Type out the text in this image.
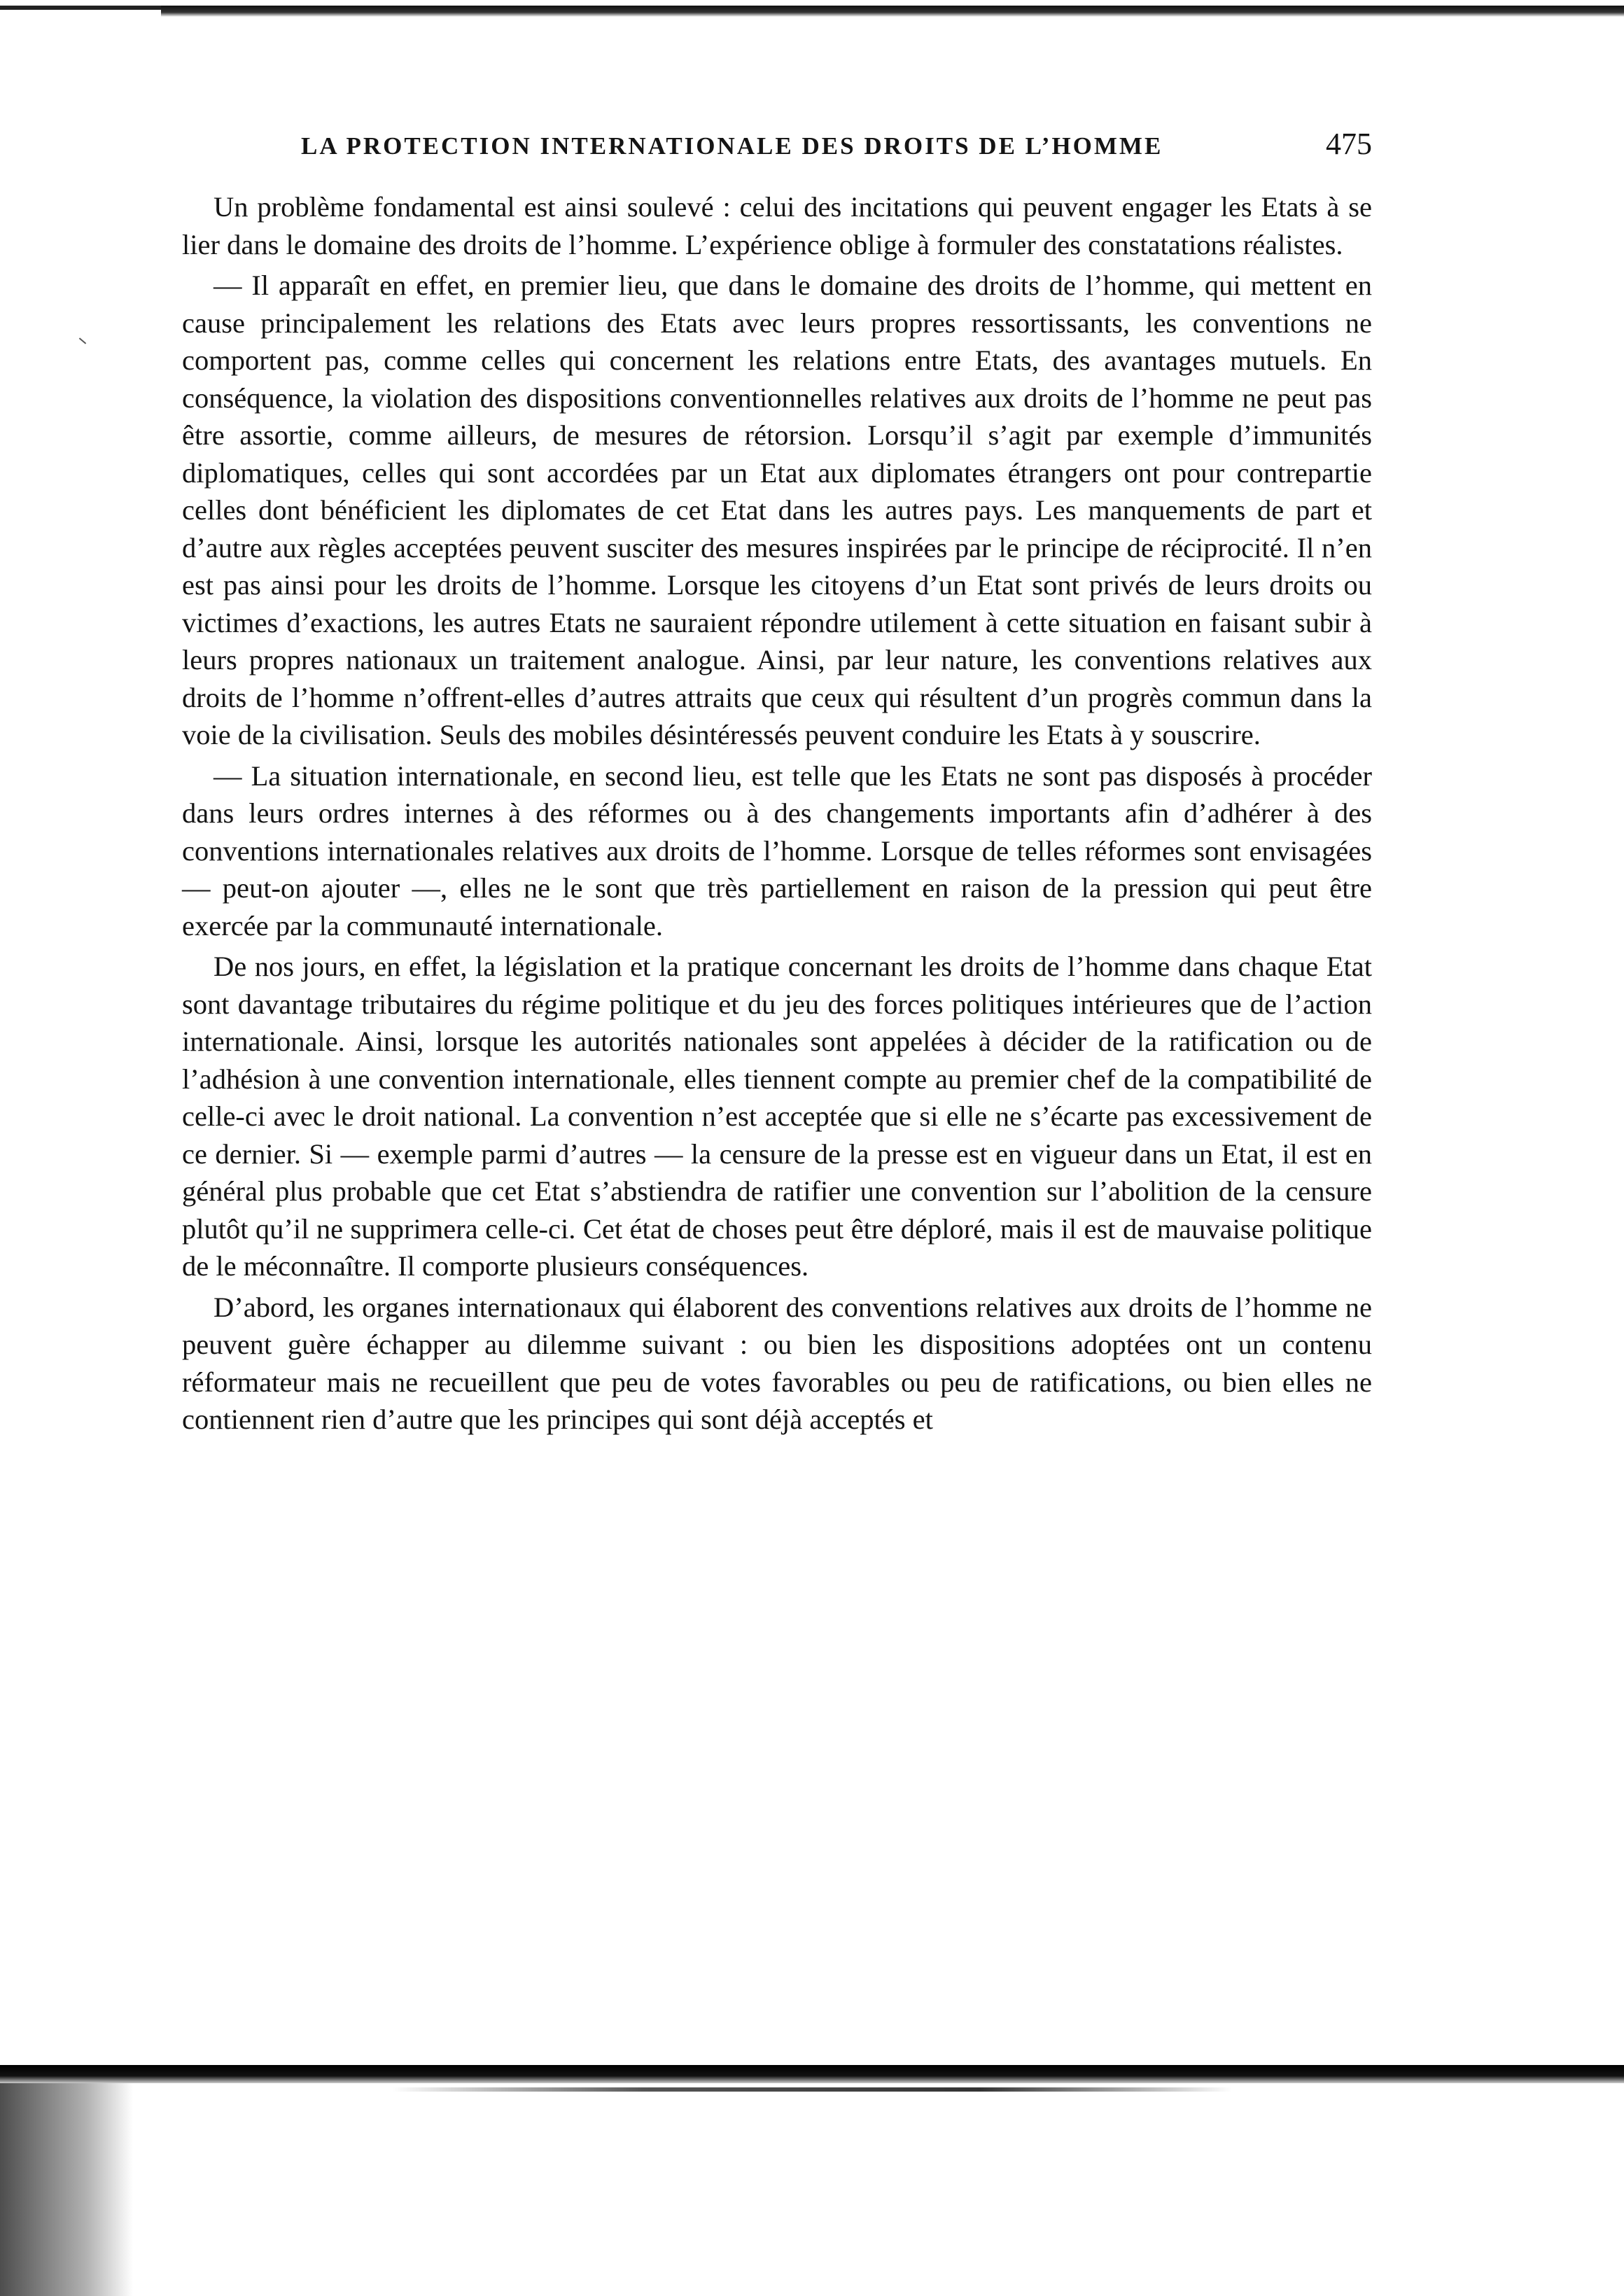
LA PROTECTION INTERNATIONALE DES DROITS DE L’HOMME	475

Un problème fondamental est ainsi soulevé : celui des incitations qui peuvent engager les Etats à se lier dans le domaine des droits de l’homme. L’expérience oblige à formuler des constatations réalistes.

— Il apparaît en effet, en premier lieu, que dans le domaine des droits de l’homme, qui mettent en cause principalement les relations des Etats avec leurs propres ressortissants, les conventions ne comportent pas, comme celles qui concernent les relations entre Etats, des avantages mutuels. En conséquence, la violation des dispositions conventionnelles relatives aux droits de l’homme ne peut pas être assortie, comme ailleurs, de mesures de rétorsion. Lorsqu’il s’agit par exemple d’immunités diplomatiques, celles qui sont accordées par un Etat aux diplomates étrangers ont pour contrepartie celles dont bénéficient les diplomates de cet Etat dans les autres pays. Les manquements de part et d’autre aux règles acceptées peuvent susciter des mesures inspirées par le principe de réciprocité. Il n’en est pas ainsi pour les droits de l’homme. Lorsque les citoyens d’un Etat sont privés de leurs droits ou victimes d’exactions, les autres Etats ne sauraient répondre utilement à cette situation en faisant subir à leurs propres nationaux un traitement analogue. Ainsi, par leur nature, les conventions relatives aux droits de l’homme n’offrent-elles d’autres attraits que ceux qui résultent d’un progrès commun dans la voie de la civilisation. Seuls des mobiles désintéressés peuvent conduire les Etats à y souscrire.

— La situation internationale, en second lieu, est telle que les Etats ne sont pas disposés à procéder dans leurs ordres internes à des réformes ou à des changements importants afin d’adhérer à des conventions internationales relatives aux droits de l’homme. Lorsque de telles réformes sont envisagées — peut-on ajouter —, elles ne le sont que très partiellement en raison de la pression qui peut être exercée par la communauté internationale.

De nos jours, en effet, la législation et la pratique concernant les droits de l’homme dans chaque Etat sont davantage tributaires du régime politique et du jeu des forces politiques intérieures que de l’action internationale. Ainsi, lorsque les autorités nationales sont appelées à décider de la ratification ou de l’adhésion à une convention internationale, elles tiennent compte au premier chef de la compatibilité de celle-ci avec le droit national. La convention n’est acceptée que si elle ne s’écarte pas excessivement de ce dernier. Si — exemple parmi d’autres — la censure de la presse est en vigueur dans un Etat, il est en général plus probable que cet Etat s’abstiendra de ratifier une convention sur l’abolition de la censure plutôt qu’il ne supprimera celle-ci. Cet état de choses peut être déploré, mais il est de mauvaise politique de le méconnaître. Il comporte plusieurs conséquences.

D’abord, les organes internationaux qui élaborent des conventions relatives aux droits de l’homme ne peuvent guère échapper au dilemme suivant : ou bien les dispositions adoptées ont un contenu réformateur mais ne recueillent que peu de votes favorables ou peu de ratifications, ou bien elles ne contiennent rien d’autre que les principes qui sont déjà acceptés et
